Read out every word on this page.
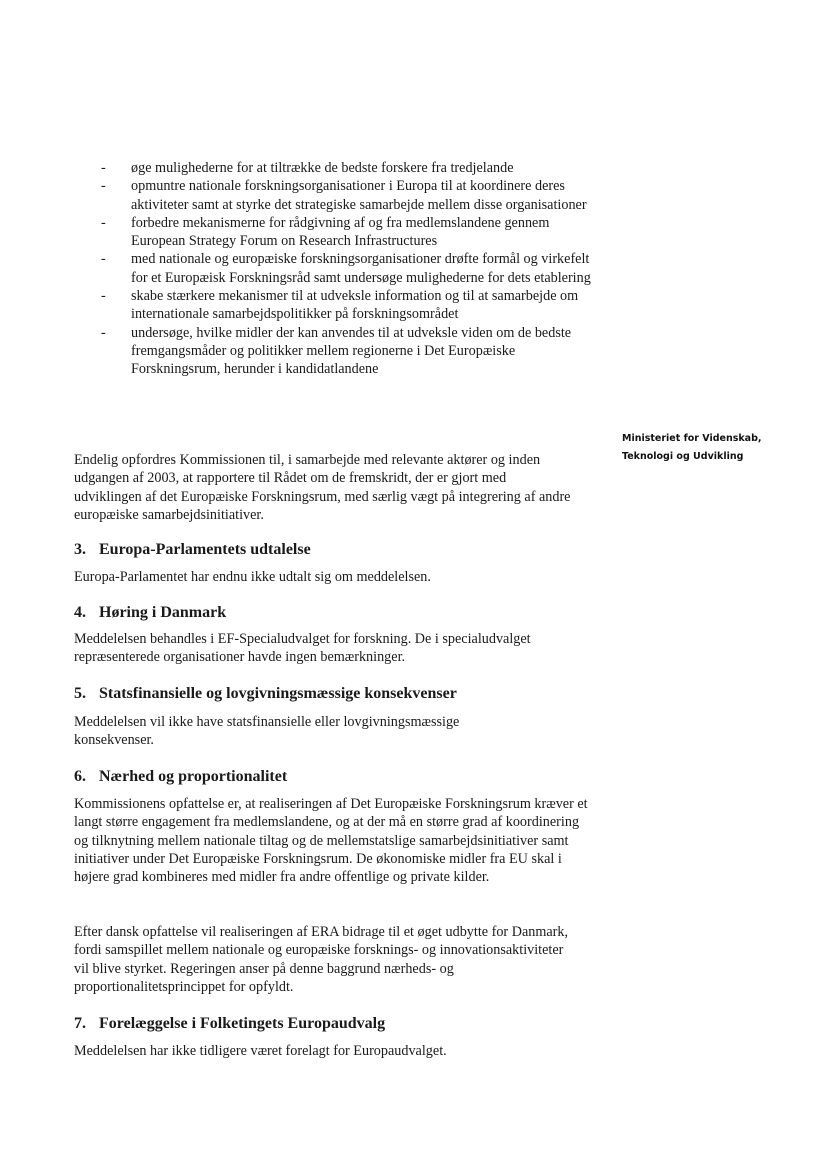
Ministeriet for Videnskab,
Teknologi og Udvikling
- øge mulighederne for at tiltrække de bedste forskere fra tredjelande
- opmuntre nationale forskningsorganisationer i Europa til at koordinere deres aktiviteter samt at styrke det strategiske samarbejde mellem disse organisationer
- forbedre mekanismerne for rådgivning af og fra medlemslandene gennem European Strategy Forum on Research Infrastructures
- med nationale og europæiske forskningsorganisationer drøfte formål og virkefelt for et Europæisk Forskningsråd samt undersøge mulighederne for dets etablering
- skabe stærkere mekanismer til at udveksle information og til at samarbejde om internationale samarbejdspolitikker på forskningsområdet
- undersøge, hvilke midler der kan anvendes til at udveksle viden om de bedste fremgangsmåder og politikker mellem regionerne i Det Europæiske Forskningsrum, herunder i kandidatlandene

Endelig opfordres Kommissionen til, i samarbejde med relevante aktører og inden udgangen af 2003, at rapportere til Rådet om de fremskridt, der er gjort med udviklingen af det Europæiske Forskningsrum, med særlig vægt på integrering af andre europæiske samarbejdsinitiativer.

3. Europa-Parlamentets udtalelse

Europa-Parlamentet har endnu ikke udtalt sig om meddelelsen.

4. Høring i Danmark

Meddelelsen behandles i EF-Specialudvalget for forskning. De i specialudvalget repræsenterede organisationer havde ingen bemærkninger.

5. Statsfinansielle og lovgivningsmæssige konsekvenser

Meddelelsen vil ikke have statsfinansielle eller lovgivningsmæssige konsekvenser.

6. Nærhed og proportionalitet

Kommissionens opfattelse er, at realiseringen af Det Europæiske Forskningsrum kræver et langt større engagement fra medlemslandene, og at der må en større grad af koordinering og tilknytning mellem nationale tiltag og de mellemstatslige samarbejdsinitiativer samt initiativer under Det Europæiske Forskningsrum. De økonomiske midler fra EU skal i højere grad kombineres med midler fra andre offentlige og private kilder.

Efter dansk opfattelse vil realiseringen af ERA bidrage til et øget udbytte for Danmark, fordi samspillet mellem nationale og europæiske forsknings- og innovationsaktiviteter vil blive styrket. Regeringen anser på denne baggrund nærheds- og proportionalitetsprincippet for opfyldt.

7. Forelæggelse i Folketingets Europaudvalg

Meddelelsen har ikke tidligere været forelagt for Europaudvalget.
